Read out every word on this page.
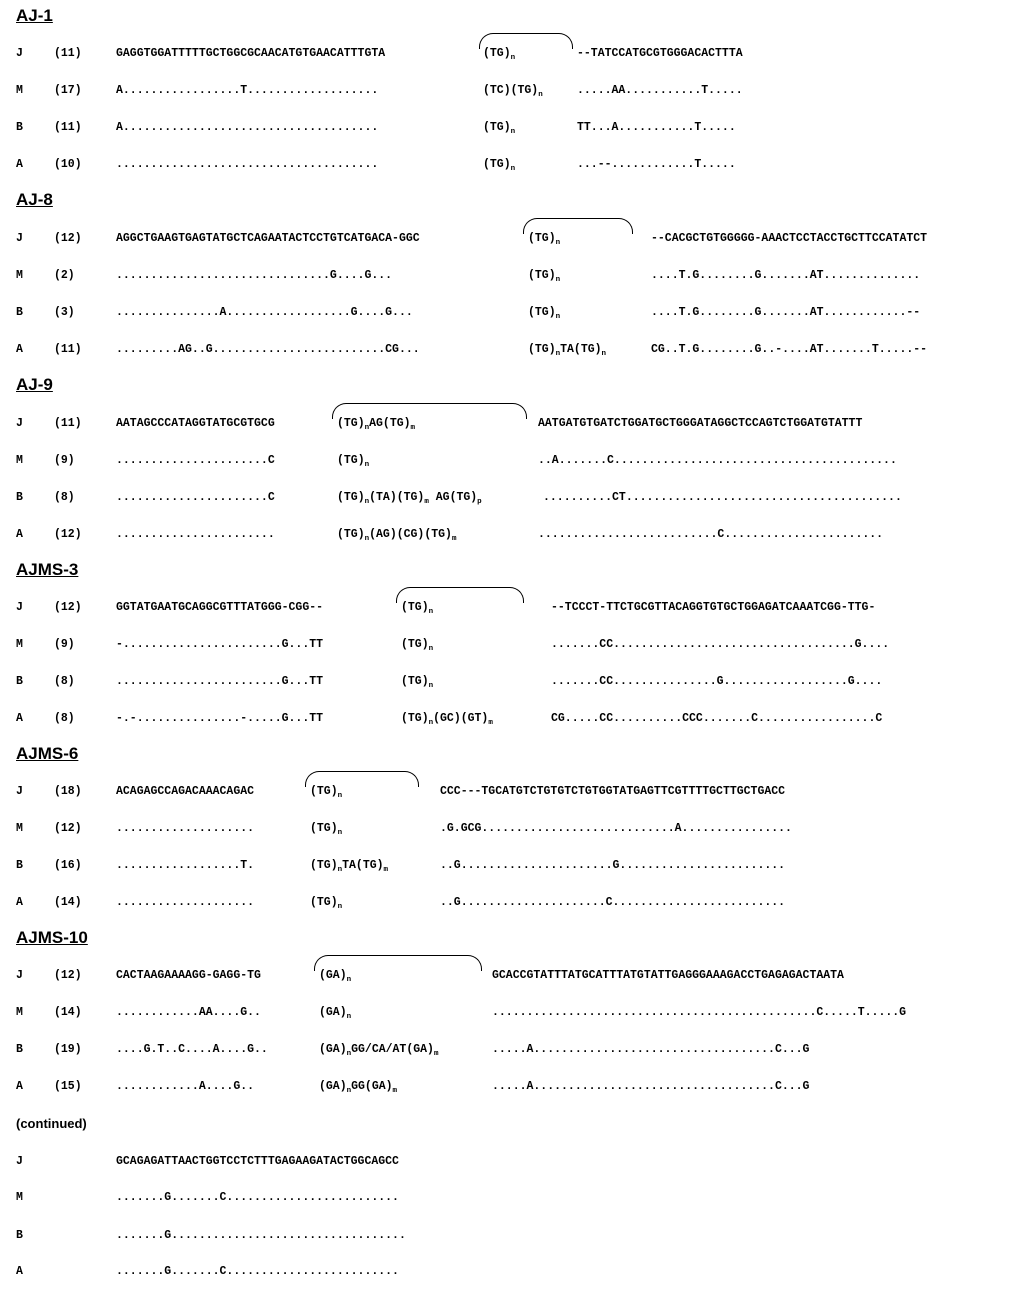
AJ-1
J	(11)	GAGGTGGATTTTTGCTGGCGCAACATGTGAACATTTGTA	$(TG)_n$	--TATCCATGCGTGGGACACTTTA
M	(17)	A.................T...................	$(TC)(TG)_n$	.....AA...........T.....
B	(11)	A.....................................	$(TG)_n$	TT...A...........T.....
A	(10)	......................................	$(TG)_n$	...--............T.....
AJ-8
J	(12)	AGGCTGAAGTGAGTATGCTCAGAATACTCCTGTCATGACA-GGC	$(TG)_n$	--CACGCTGTGGGGG-AAACTCCTACCTGCTTCCATATCT
M	(2)	...............................G....G...	$(TG)_n$	....T.G........G.......AT..............
B	(3)	...............A..................G....G...	$(TG)_n$	....T.G........G.......AT............--
A	(11)	.........AG..G.........................CG...	$(TG)_nTA(TG)_n$	CG..T.G........G..-....AT.......T.....--
AJ-9
J	(11)	AATAGCCCATAGGTATGCGTGCG	$(TG)_nAG(TG)_m$	AATGATGTGATCTGGATGCTGGGATAGGCTCCAGTCTGGATGTATTT
M	(9)	......................C	$(TG)_n$	..A.......C.........................................
B	(8)	......................C	$(TG)_n(TA)(TG)_m$ $AG(TG)_p$	..........CT........................................
A	(12)	.......................	$(TG)_n(AG)(CG)(TG)_m$	..........................C.......................
AJMS-3
J	(12)	GGTATGAATGCAGGCGTTTATGGG-CGG--	$(TG)_n$	--TCCCT-TTCTGCGTTACAGGTGTGCTGGAGATCAAATCGG-TTG-
M	(9)	-.......................G...TT	$(TG)_n$	.......CC...................................G....
B	(8)	........................G...TT	$(TG)_n$	.......CC...............G..................G....
A	(8)	-.-...............-.....G...TT	$(TG)_n(GC)(GT)_m$	CG.....CC..........CCC.......C.................C
AJMS-6
J	(18)	ACAGAGCCAGACAAACAGAC	$(TG)_n$	CCC---TGCATGTCTGTGTCTGTGGTATGAGTTCGTTTTGCTTGCTGACC
M	(12)	....................	$(TG)_n$	.G.GCG............................A................
B	(16)	..................T.	$(TG)_nTA(TG)_m$	..G......................G........................
A	(14)	....................	$(TG)_n$	..G.....................C.........................
AJMS-10
J	(12)	CACTAAGAAAAGG-GAGG-TG	$(GA)_n$	GCACCGTATTTATGCATTTATGTATTGAGGGAAAGACCTGAGAGACTAATA
M	(14)	............AA....G..	$(GA)_n$	...............................................C.....T.....G
B	(19)	....G.T..C....A....G..	$(GA)_nGG/CA/AT(GA)_m$	.....A...................................C...G
A	(15)	............A....G..	$(GA)_nGG(GA)_m$	.....A...................................C...G
(continued)
J	GCAGAGATTAACTGGTCCTCTTTGAGAAGATACTGGCAGCC
M	.......G.......C.........................
B	.......G..................................
A	.......G.......C.........................
